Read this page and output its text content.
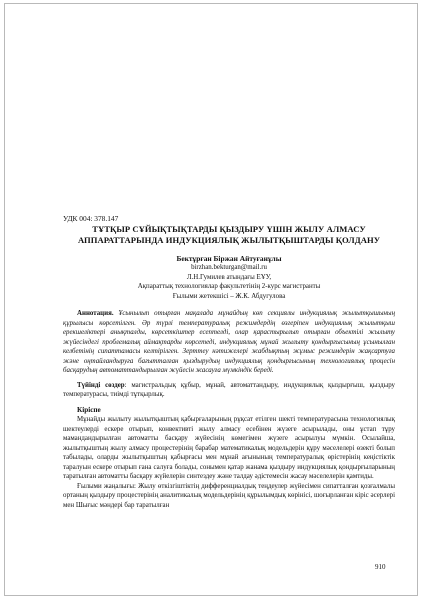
УДК 004: 378.147
ТҰТҚЫР СҰЙЫҚТЫҚТАРДЫ ҚЫЗДЫРУ ҮШІН ЖЫЛУ АЛМАСУ АППАРАТТАРЫНДА ИНДУКЦИЯЛЫҚ ЖЫЛЫТҚЫШТАРДЫ ҚОЛДАНУ
Бектұрған Біржан Айтуғанұлы
birzhan.bekturgan@mail.ru
Л.Н.Гумилев атындағы ЕҰУ,
Ақпараттық технологиялар факультетінің 2-курс магистранты
Ғылыми жетекшісі – Ж.К. Абдугулова

Аннотация. Ұсынылып отырған мақалада мұнайдың көп секциялы индукциялық жылытқышының құрылысы көрсетілген. Әр түрлі температуралық режимдердің өзгеріпен индукциялық жылытқыш ерекшеліктері анықталды, көрсеткіштер есептелді, олар қарастырылып отырған объектілі жылыту жүйесіндегі проблемалық аймақтарды көрсетеді, индукциялық мұнай жылыту қондырғысының ұсынылған келбетінің сипаттамасы келтірілген. Зерттеу нәтижелері жабдықтың жұмыс режимдерін жақсартуға және оңтайландыруға бағытталған қыздырудың индукциялық қондырғысының технологиялық процесін басқарудың автоматтандырылған жүйесін жасауға мүмкіндік береді.

Түйінді сөздер: магистральдық құбыр, мұнай, автоматтандыру, индукциялық қыздырғыш, қыздыру температурасы, тиімді тұтқырлық.

Кіріспе

Мұнайды жылыту жылытқыштың қабырғаларының рұқсат етілген шекті температурасына технологиялық шектеулерді ескере отырып, конвективті жылу алмасу есебінен жүзеге асырылады, оны ұстап тұру мамандандырылған автоматты басқару жүйесінің көмегімен жүзеге асырылуы мүмкін. Осылайша, жылытқыштың жылу алмасу процестерінің барабар математикалық модельдерін құру мәселелері өзекті болып табылады, оларды жылытқыштың қабырғасы мен мұнай ағынының температуралық өрістерінің кеңістіктік таралуын ескере отырып ғана салуға болады, сонымен қатар жанама қыздыру индукциялық қондырғыларының таратылған автоматты басқару жүйелерін синтездеу және талдау әдістемесін жасау мәселелерін қамтиды.

Ғылыми жаңалығы: Жылу өткізгіштіктің дифференциалдық теңдеулер жүйесімен сипатталған қозғалмалы ортаның қыздыру процестерінің аналитикалық модельдерінің құрылымдық көрінісі, шоғырланған кіріс әсерлері мен Шығыс мәндері бар таратылған

910
